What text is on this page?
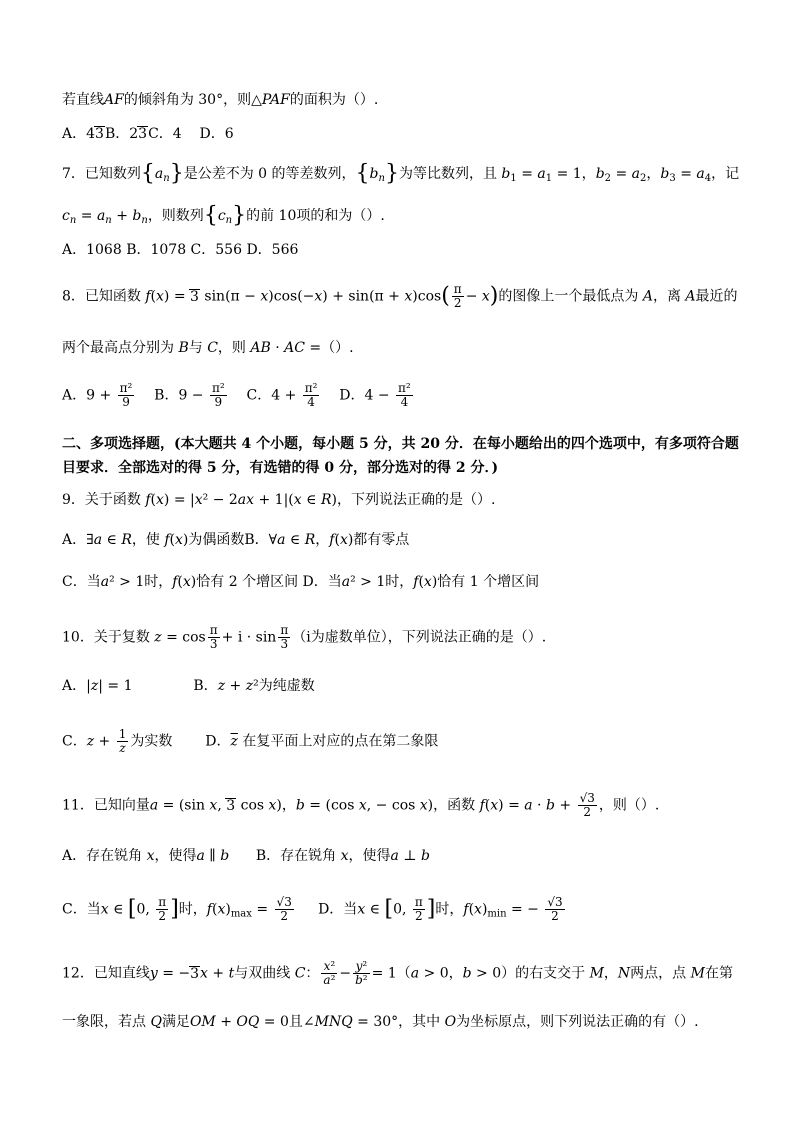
若直线AF的倾斜角为 30°，则△PAF的面积为（）.
A．43B．23C．4    D．6
7．已知数列$\{a_n\}$是公差不为 0 的等差数列，$\{b_n\}$为等比数列，且 $b_1 = a_1 = 1$，$b_2 = a_2$，$b_3 = a_4$，记
$c_n = a_n + b_n$，则数列$\{c_n\}$的前 10项的和为（）.
A．1068 B．1078 C．556 D．566
8．已知函数 f(x) = 3 $\sin(\pi - x)\cos(-x) + \sin(\pi + x)\cos( \frac{\pi}{2} - x)$的图像上一个最低点为 A，离 A最近的
两个最高点分别为 B与 C，则 AB · AC =（）.
A．$9 + \frac{\text{π²}}{9}$ B．$9 - \frac{\text{π²}}{9}$ C．$4 + \frac{\text{π²}}{4}$ D．$4 - \frac{\text{π²}}{4}$
二、多项选择题，(本大题共 4 个小题，每小题 5 分，共 20 分．在每小题给出的四个选项中，有多项符合题
目要求．全部选对的得 5 分，有选错的得 0 分，部分选对的得 2 分．)
9．关于函数 f(x) = |x² − 2ax + 1|(x ∈ R)，下列说法正确的是（）.
A．∃a ∈ R，使 f(x)为偶函数B．∀a ∈ R，f(x)都有零点
C．当a² > 1时，f(x)恰有 2 个增区间 D．当a² > 1时，f(x)恰有 1 个增区间
10．关于复数 $z = \cos \frac{\pi}{3} + i \cdot \sin \frac{\pi}{3} (i$为虚数单位），下列说法正确的是（）.
A．|z| = 1	B．z + z²为纯虚数
C．$z + \frac{1}{z}$ 为实数  D．$\overline{z}$ 在复平面上对应的点在第二象限
11．已知向量a = (sin x, 3 cos x)，b = (cos x, − cos x)，函数 $f(x) = a \cdot b + \frac{√3}{2}$ ，则（）.
A．存在锐角 x，使得a ∥ b      B．存在锐角 x，使得a ⊥ b
C．当x ∈ [0, $\frac{\pi}{2}$ ]时，$f(x)_{max} = \frac{√3}{2}$ D．当x ∈ [0, $\frac{\pi}{2}$ ]时，$f(x)_{min}$ = − $\frac{√3}{2}$
12．已知直线y = −3x + t与双曲线 C： $\frac{\text{x²}}{\text{a²}} - \frac{\text{y²}}{\text{b²}} = 1(a > 0$，b > 0）的右支交于 M，N两点，点 M在第
一象限，若点 Q满足OM + OQ = 0且∠MNQ = 30°，其中 O为坐标原点，则下列说法正确的有（）.
